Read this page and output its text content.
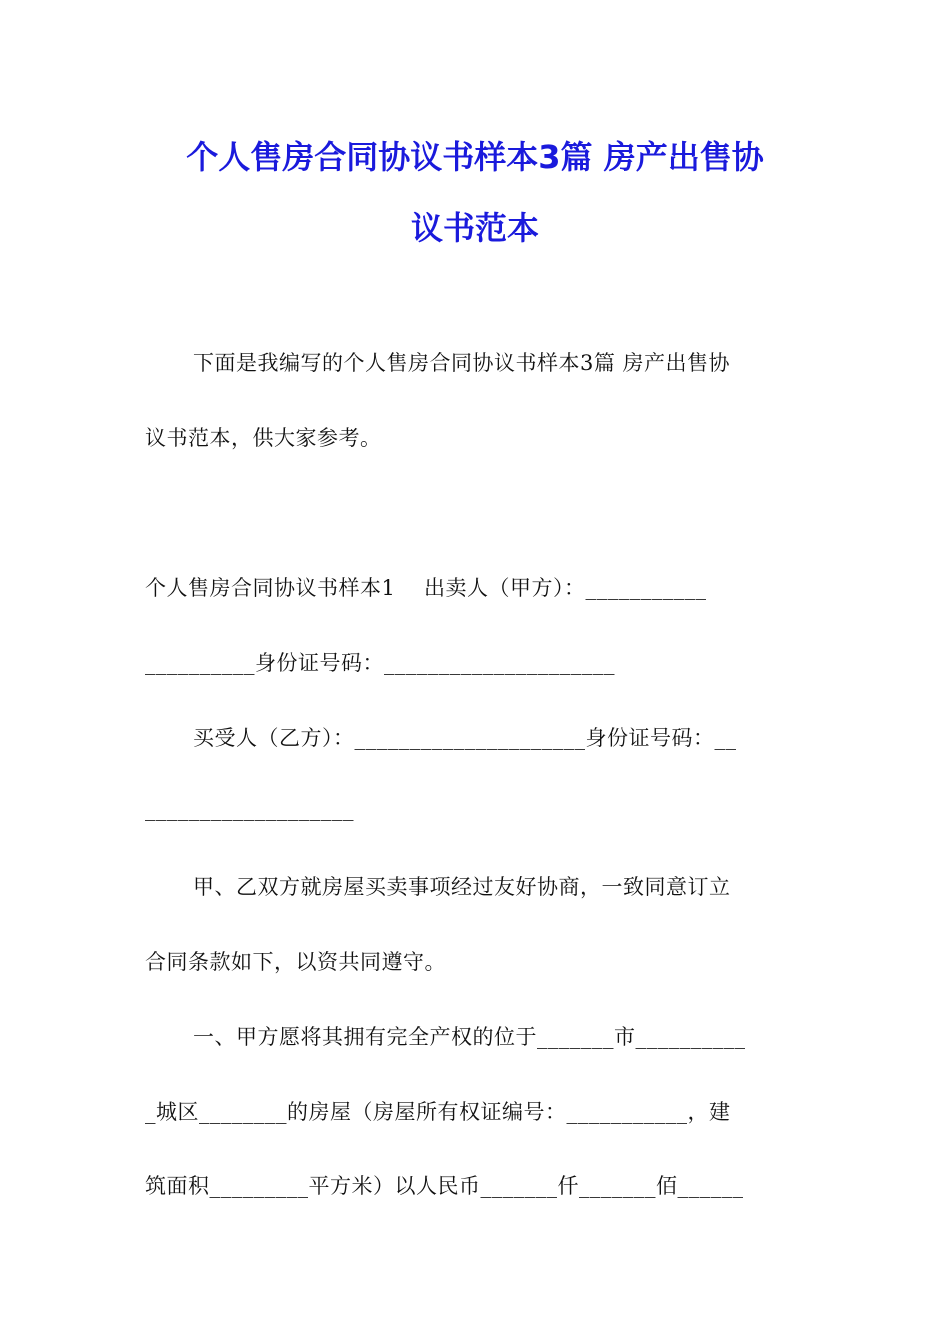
个人售房合同协议书样本3篇 房产出售协
议书范本
下面是我编写的个人售房合同协议书样本3篇 房产出售协
议书范本，供大家参考。
个人售房合同协议书样本1    出卖人（甲方）：___________
__________身份证号码：_____________________
买受人（乙方）：_____________________身份证号码：__
___________________
甲、乙双方就房屋买卖事项经过友好协商，一致同意订立
合同条款如下，以资共同遵守。
一、甲方愿将其拥有完全产权的位于_______市__________
_城区________的房屋（房屋所有权证编号：___________，建
筑面积_________平方米）以人民币_______仟_______佰______
